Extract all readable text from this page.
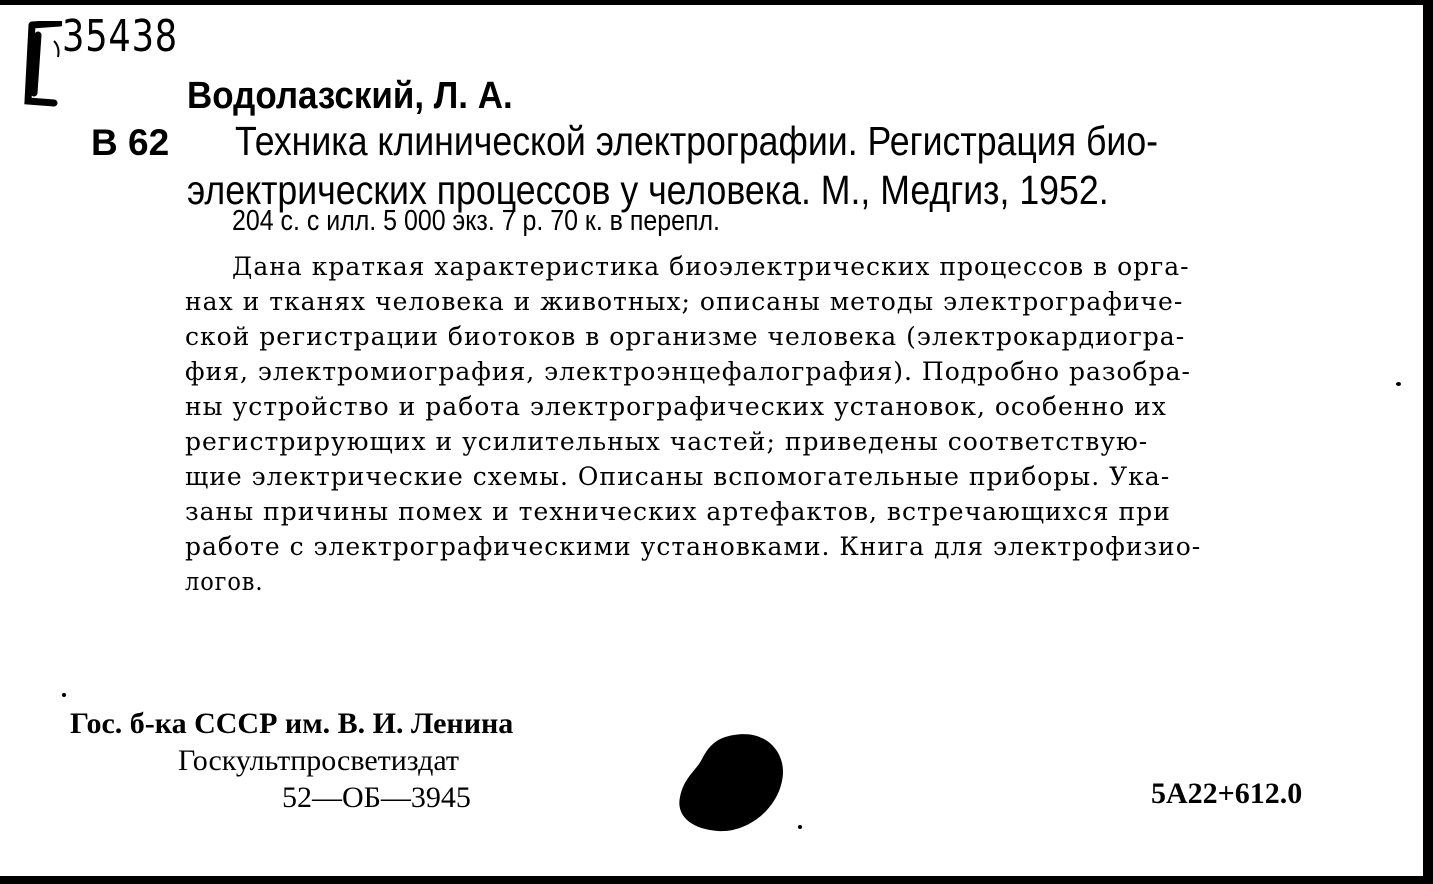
35438
Водолазский, Л. А.
В 62 Техника клинической электрографии. Регистрация био-
электрических процессов у человека. М., Медгиз, 1952.
204 с. с илл. 5 000 экз. 7 р. 70 к. в перепл.
Дана краткая характеристика биоэлектрических процессов в орга-
нах и тканях человека и животных; описаны методы электрографиче-
ской регистрации биотоков в организме человека (электрокардиогра-
фия, электромиография, электроэнцефалография). Подробно разобра-
ны устройство и работа электрографических установок, особенно их
регистрирующих и усилительных частей; приведены соответствую-
щие электрические схемы. Описаны вспомогательные приборы. Ука-
заны причины помех и технических артефактов, встречающихся при
работе с электрографическими установками. Книга для электрофизио-
логов.
Гос. б-ка СССР им. В. И. Ленина
Госкультпросветиздат
52—ОБ—3945	5А22+612.0
